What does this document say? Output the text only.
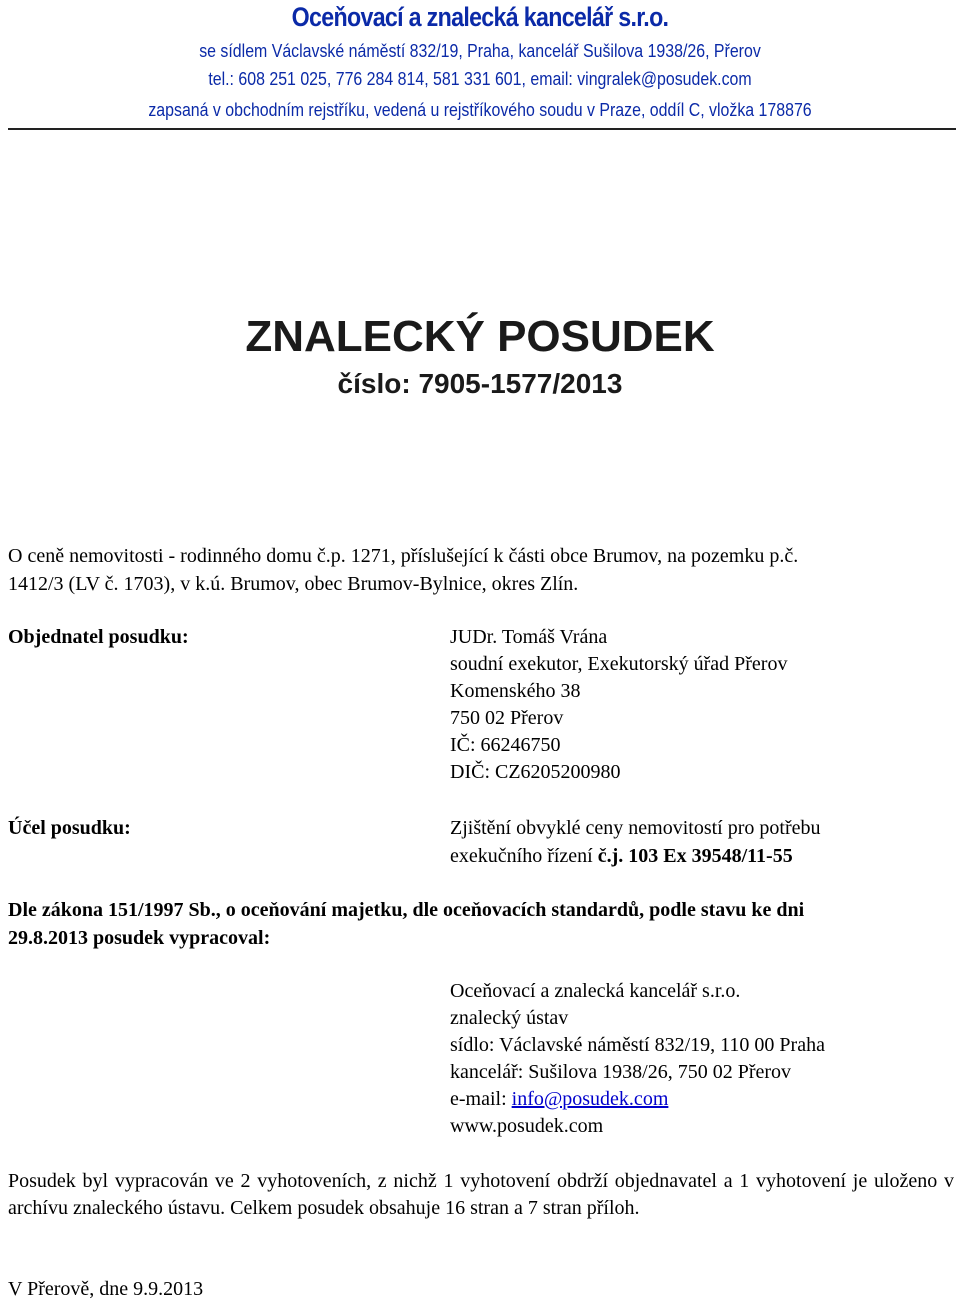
Oceňovací a znalecká kancelář s.r.o.
se sídlem Václavské náměstí 832/19, Praha, kancelář Sušilova 1938/26, Přerov
tel.: 608 251 025, 776 284 814, 581 331 601, email: vingralek@posudek.com
zapsaná v obchodním rejstříku, vedená u rejstříkového soudu v Praze, oddíl C, vložka 178876
ZNALECKÝ POSUDEK
číslo: 7905-1577/2013
O ceně nemovitosti - rodinného domu č.p. 1271, příslušející k části obce Brumov, na pozemku p.č.
1412/3 (LV č. 1703), v k.ú. Brumov, obec Brumov-Bylnice, okres Zlín.
Objednatel posudku:	JUDr. Tomáš Vrána
soudní exekutor, Exekutorský úřad Přerov
Komenského 38
750 02 Přerov
IČ: 66246750
DIČ: CZ6205200980
Účel posudku:	Zjištění obvyklé ceny nemovitostí pro potřebu
exekučního řízení č.j. 103 Ex 39548/11-55
Dle zákona 151/1997 Sb., o oceňování majetku, dle oceňovacích standardů, podle stavu ke dni
29.8.2013 posudek vypracoval:
Oceňovací a znalecká kancelář s.r.o.
znalecký ústav
sídlo: Václavské náměstí 832/19, 110 00 Praha
kancelář: Sušilova 1938/26, 750 02 Přerov
e-mail: info@posudek.com
www.posudek.com
Posudek byl vypracován ve 2 vyhotoveních, z nichž 1 vyhotovení obdrží objednavatel a 1 vyhotovení je uloženo v archívu znaleckého ústavu. Celkem posudek obsahuje 16 stran a 7 stran příloh.
V Přerově, dne 9.9.2013
